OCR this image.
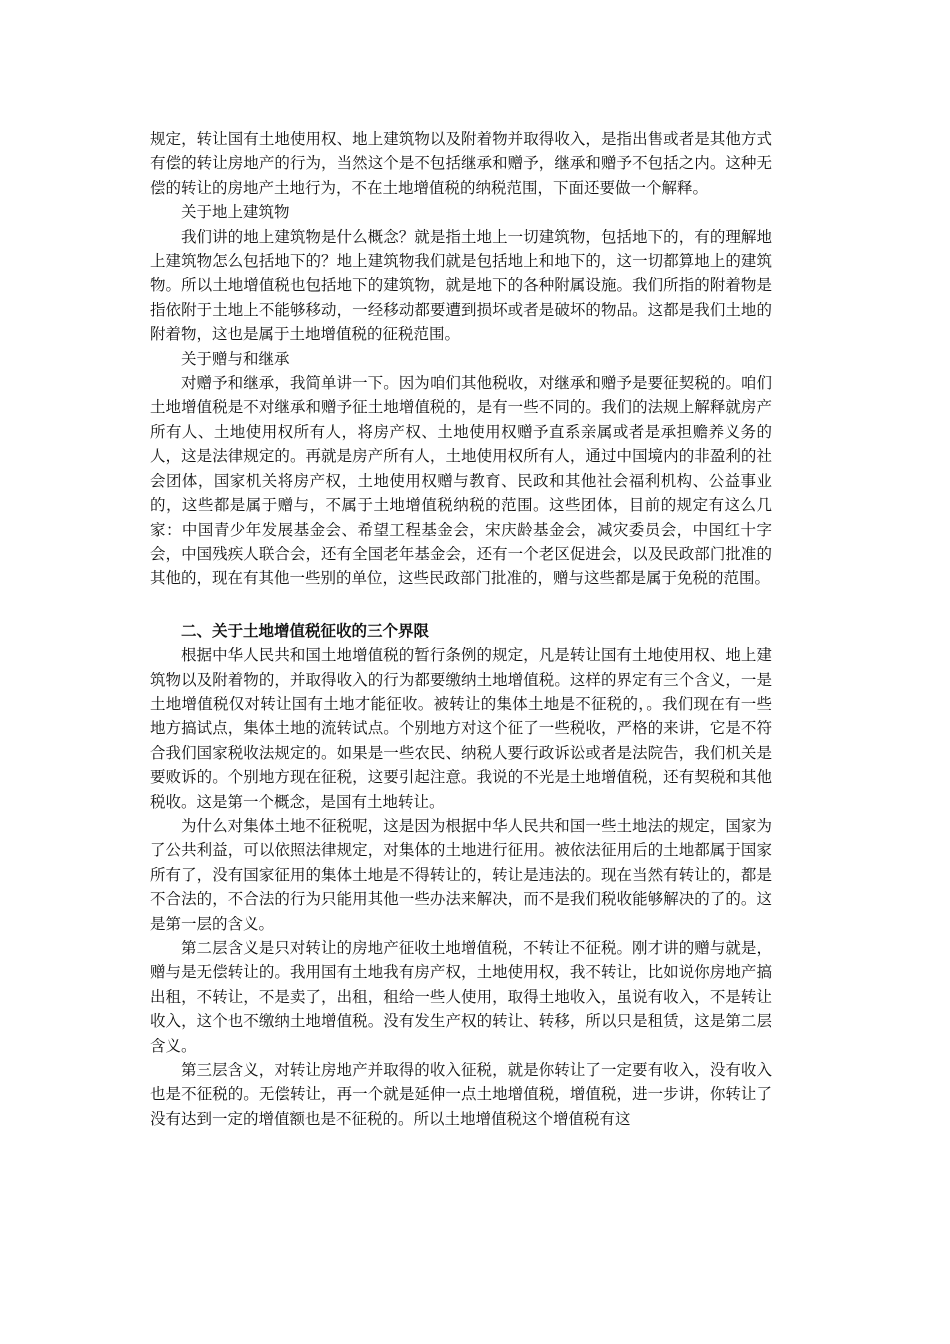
规定，转让国有土地使用权、地上建筑物以及附着物并取得收入，是指出售或者是其他方式有偿的转让房地产的行为，当然这个是不包括继承和赠予，继承和赠予不包括之内。这种无偿的转让的房地产土地行为，不在土地增值税的纳税范围，下面还要做一个解释。

关于地上建筑物

我们讲的地上建筑物是什么概念？就是指土地上一切建筑物，包括地下的，有的理解地上建筑物怎么包括地下的？地上建筑物我们就是包括地上和地下的，这一切都算地上的建筑物。所以土地增值税也包括地下的建筑物，就是地下的各种附属设施。我们所指的附着物是指依附于土地上不能够移动，一经移动都要遭到损坏或者是破坏的物品。这都是我们土地的附着物，这也是属于土地增值税的征税范围。

关于赠与和继承

对赠予和继承，我简单讲一下。因为咱们其他税收，对继承和赠予是要征契税的。咱们土地增值税是不对继承和赠予征土地增值税的，是有一些不同的。我们的法规上解释就房产所有人、土地使用权所有人，将房产权、土地使用权赠予直系亲属或者是承担赡养义务的人，这是法律规定的。再就是房产所有人，土地使用权所有人，通过中国境内的非盈利的社会团体，国家机关将房产权，土地使用权赠与教育、民政和其他社会福利机构、公益事业的，这些都是属于赠与，不属于土地增值税纳税的范围。这些团体，目前的规定有这么几家：中国青少年发展基金会、希望工程基金会，宋庆龄基金会，减灾委员会，中国红十字会，中国残疾人联合会，还有全国老年基金会，还有一个老区促进会，以及民政部门批准的其他的，现在有其他一些别的单位，这些民政部门批准的，赠与这些都是属于免税的范围。

二、关于土地增值税征收的三个界限

根据中华人民共和国土地增值税的暂行条例的规定，凡是转让国有土地使用权、地上建筑物以及附着物的，并取得收入的行为都要缴纳土地增值税。这样的界定有三个含义，一是土地增值税仅对转让国有土地才能征收。被转让的集体土地是不征税的，。我们现在有一些地方搞试点，集体土地的流转试点。个别地方对这个征了一些税收，严格的来讲，它是不符合我们国家税收法规定的。如果是一些农民、纳税人要行政诉讼或者是法院告，我们机关是要败诉的。个别地方现在征税，这要引起注意。我说的不光是土地增值税，还有契税和其他税收。这是第一个概念，是国有土地转让。

为什么对集体土地不征税呢，这是因为根据中华人民共和国一些土地法的规定，国家为了公共利益，可以依照法律规定，对集体的土地进行征用。被依法征用后的土地都属于国家所有了，没有国家征用的集体土地是不得转让的，转让是违法的。现在当然有转让的，都是不合法的，不合法的行为只能用其他一些办法来解决，而不是我们税收能够解决的了的。这是第一层的含义。

第二层含义是只对转让的房地产征收土地增值税，不转让不征税。刚才讲的赠与就是，赠与是无偿转让的。我用国有土地我有房产权，土地使用权，我不转让，比如说你房地产搞出租，不转让，不是卖了，出租，租给一些人使用，取得土地收入，虽说有收入，不是转让收入，这个也不缴纳土地增值税。没有发生产权的转让、转移，所以只是租赁，这是第二层含义。

第三层含义，对转让房地产并取得的收入征税，就是你转让了一定要有收入，没有收入也是不征税的。无偿转让，再一个就是延伸一点土地增值税，增值税，进一步讲，你转让了没有达到一定的增值额也是不征税的。所以土地增值税这个增值税有这
